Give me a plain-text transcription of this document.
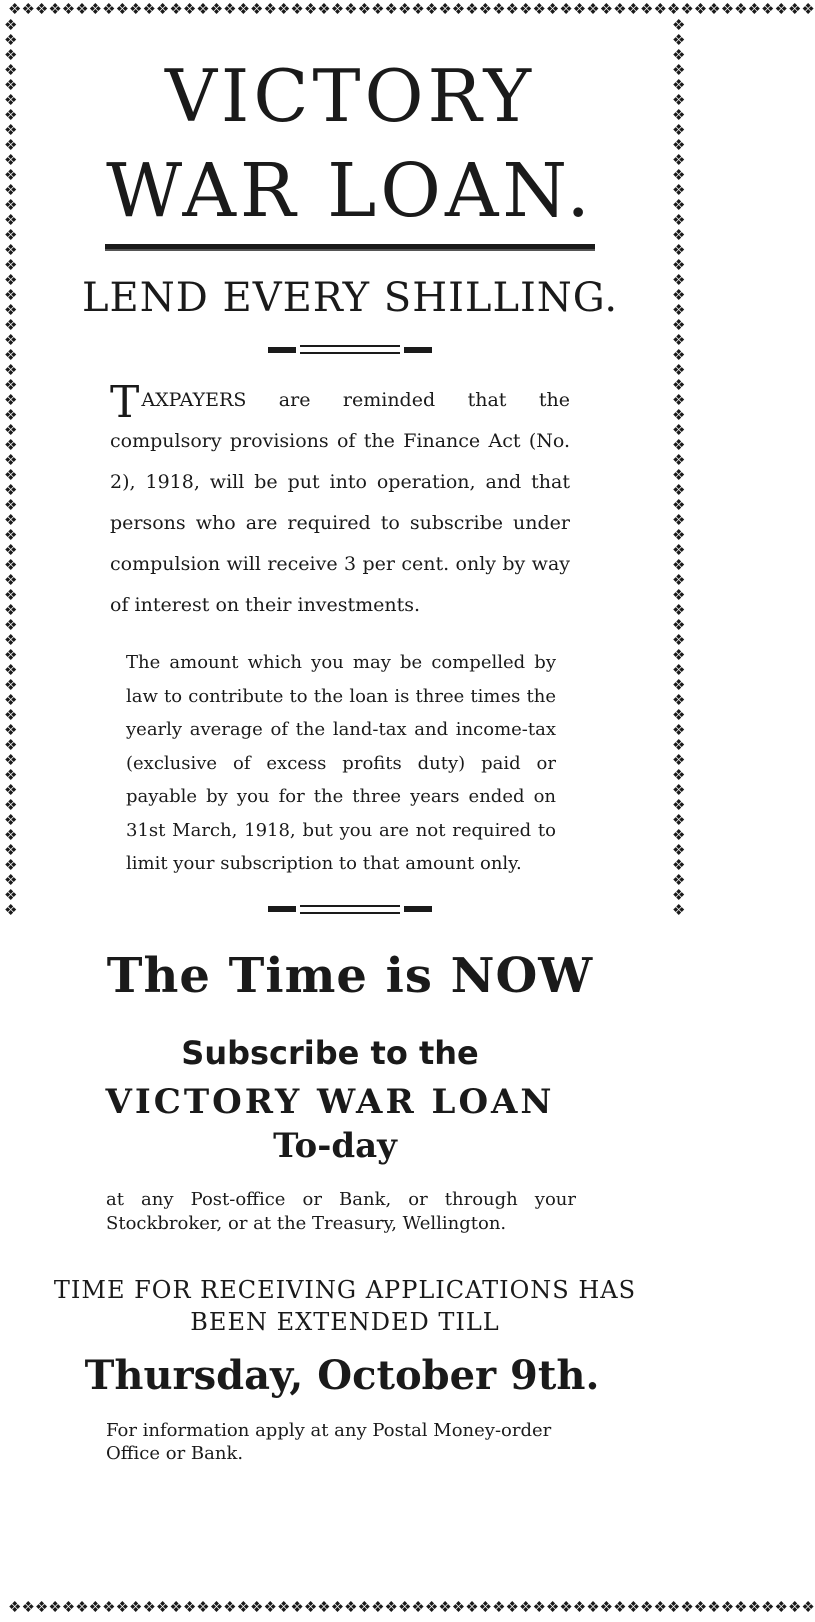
❖❖❖❖❖❖❖❖❖❖❖❖❖❖❖❖❖❖❖❖❖❖❖❖❖❖❖❖❖❖❖❖❖❖❖❖❖❖❖❖❖❖❖❖❖❖❖❖❖❖❖❖❖❖❖❖❖❖❖❖
❖❖❖❖❖❖❖❖❖❖❖❖❖❖❖❖❖❖❖❖❖❖❖❖❖❖❖❖❖❖❖❖❖❖❖❖❖❖❖❖❖❖❖❖❖❖❖❖❖❖❖❖❖❖❖❖❖❖❖❖
❖❖❖❖❖❖❖❖❖❖❖❖❖❖❖❖❖❖❖❖❖❖❖❖❖❖❖❖❖❖❖❖❖❖❖❖❖❖❖❖❖❖❖❖❖❖❖❖❖❖❖❖❖❖❖❖❖❖❖❖
❖❖❖❖❖❖❖❖❖❖❖❖❖❖❖❖❖❖❖❖❖❖❖❖❖❖❖❖❖❖❖❖❖❖❖❖❖❖❖❖❖❖❖❖❖❖❖❖❖❖❖❖❖❖❖❖❖❖❖❖
VICTORY
WAR LOAN.
LEND EVERY SHILLING.
TAXPAYERS are reminded that the compulsory provisions of the Finance Act (No. 2), 1918, will be put into operation, and that persons who are required to subscribe under compulsion will receive 3 per cent. only by way of interest on their investments.
The amount which you may be compelled by law to contribute to the loan is three times the yearly average of the land-tax and income-tax (exclusive of excess profits duty) paid or payable by you for the three years ended on 31st March, 1918, but you are not required to limit your subscription to that amount only.
The Time is NOW
Subscribe to the
VICTORY WAR LOAN
To-day
at any Post-office or Bank, or through your Stockbroker, or at the Treasury, Wellington.
TIME FOR RECEIVING APPLICATIONS HAS
BEEN EXTENDED TILL
Thursday, October 9th.
For information apply at any Postal Money-order Office or Bank.
